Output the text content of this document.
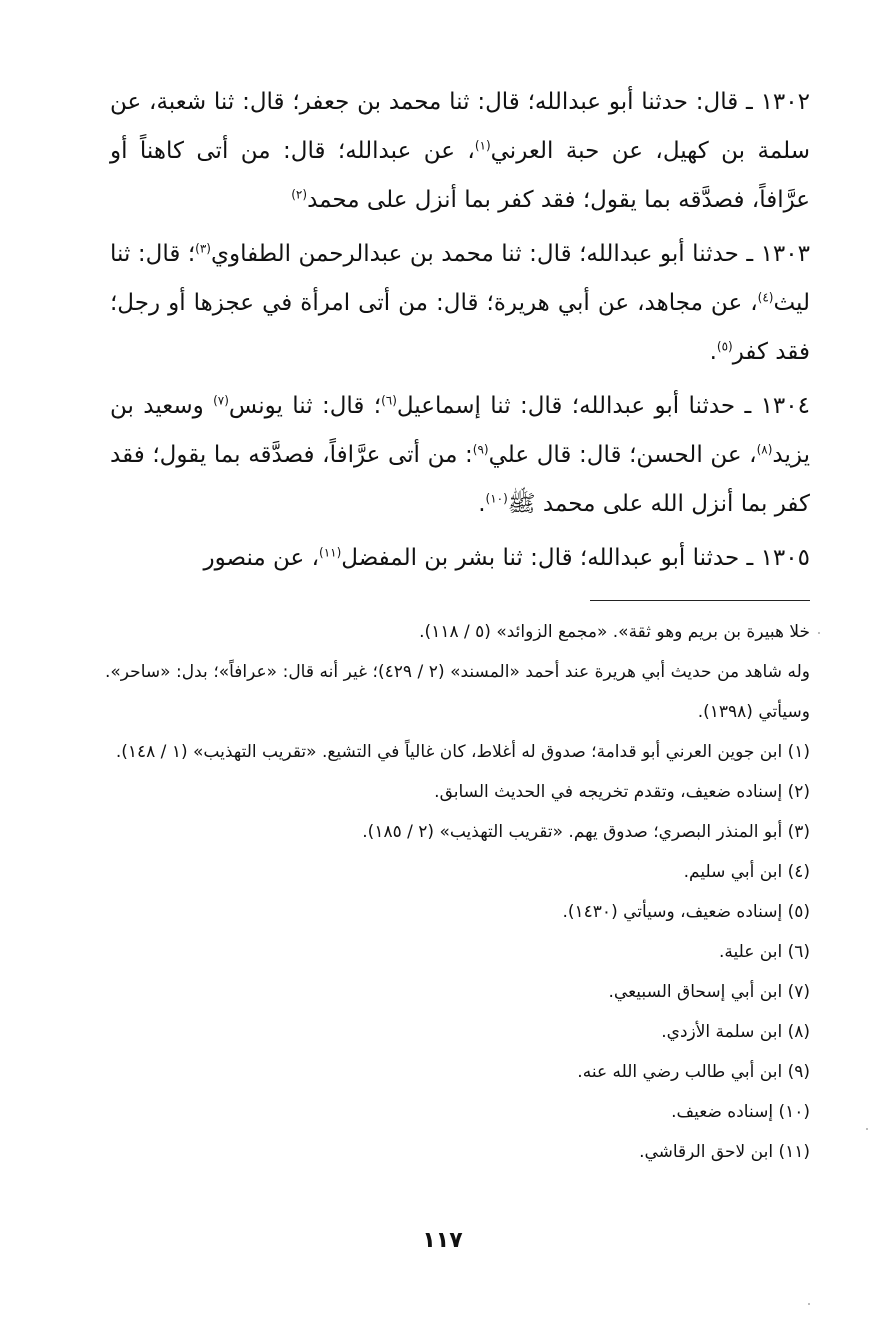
١٣٠٢ ـ قال: حدثنا أبو عبدالله؛ قال: ثنا محمد بن جعفر؛ قال: ثنا شعبة، عن سلمة بن كهيل، عن حبة العرني$^{(١)}$، عن عبدالله؛ قال: من أتى كاهناً أو عرَّافاً، فصدَّقه بما يقول؛ فقد كفر بما أنزل على محمد$^{(٢)}$

١٣٠٣ ـ حدثنا أبو عبدالله؛ قال: ثنا محمد بن عبدالرحمن الطفاوي$^{(٣)}$؛ قال: ثنا ليث$^{(٤)}$، عن مجاهد، عن أبي هريرة؛ قال: من أتى امرأة في عجزها أو رجل؛ فقد كفر$^{(٥)}$.

١٣٠٤ ـ حدثنا أبو عبدالله؛ قال: ثنا إسماعيل$^{(٦)}$؛ قال: ثنا يونس$^{(٧)}$ وسعيد بن يزيد$^{(٨)}$، عن الحسن؛ قال: قال علي$^{(٩)}$: من أتى عرَّافاً، فصدَّقه بما يقول؛ فقد كفر بما أنزل الله على محمد ﷺ$^{(١٠)}$.

١٣٠٥ ـ حدثنا أبو عبدالله؛ قال: ثنا بشر بن المفضل$^{(١١)}$، عن منصور

خلا هبيرة بن بريم وهو ثقة». «مجمع الزوائد» (٥ / ١١٨).

وله شاهد من حديث أبي هريرة عند أحمد «المسند» (٢ / ٤٢٩)؛ غير أنه قال: «عرافاً»؛ بدل: «ساحر». وسيأتي (١٣٩٨).

(١) ابن جوين العرني أبو قدامة؛ صدوق له أغلاط، كان غالياً في التشيع. «تقريب التهذيب» (١ / ١٤٨).

(٢) إسناده ضعيف، وتقدم تخريجه في الحديث السابق.

(٣) أبو المنذر البصري؛ صدوق يهم. «تقريب التهذيب» (٢ / ١٨٥).

(٤) ابن أبي سليم.

(٥) إسناده ضعيف، وسيأتي (١٤٣٠).

(٦) ابن علية.

(٧) ابن أبي إسحاق السبيعي.

(٨) ابن سلمة الأزدي.

(٩) ابن أبي طالب رضي الله عنه.

(١٠) إسناده ضعيف.

(١١) ابن لاحق الرقاشي.

١١٧
